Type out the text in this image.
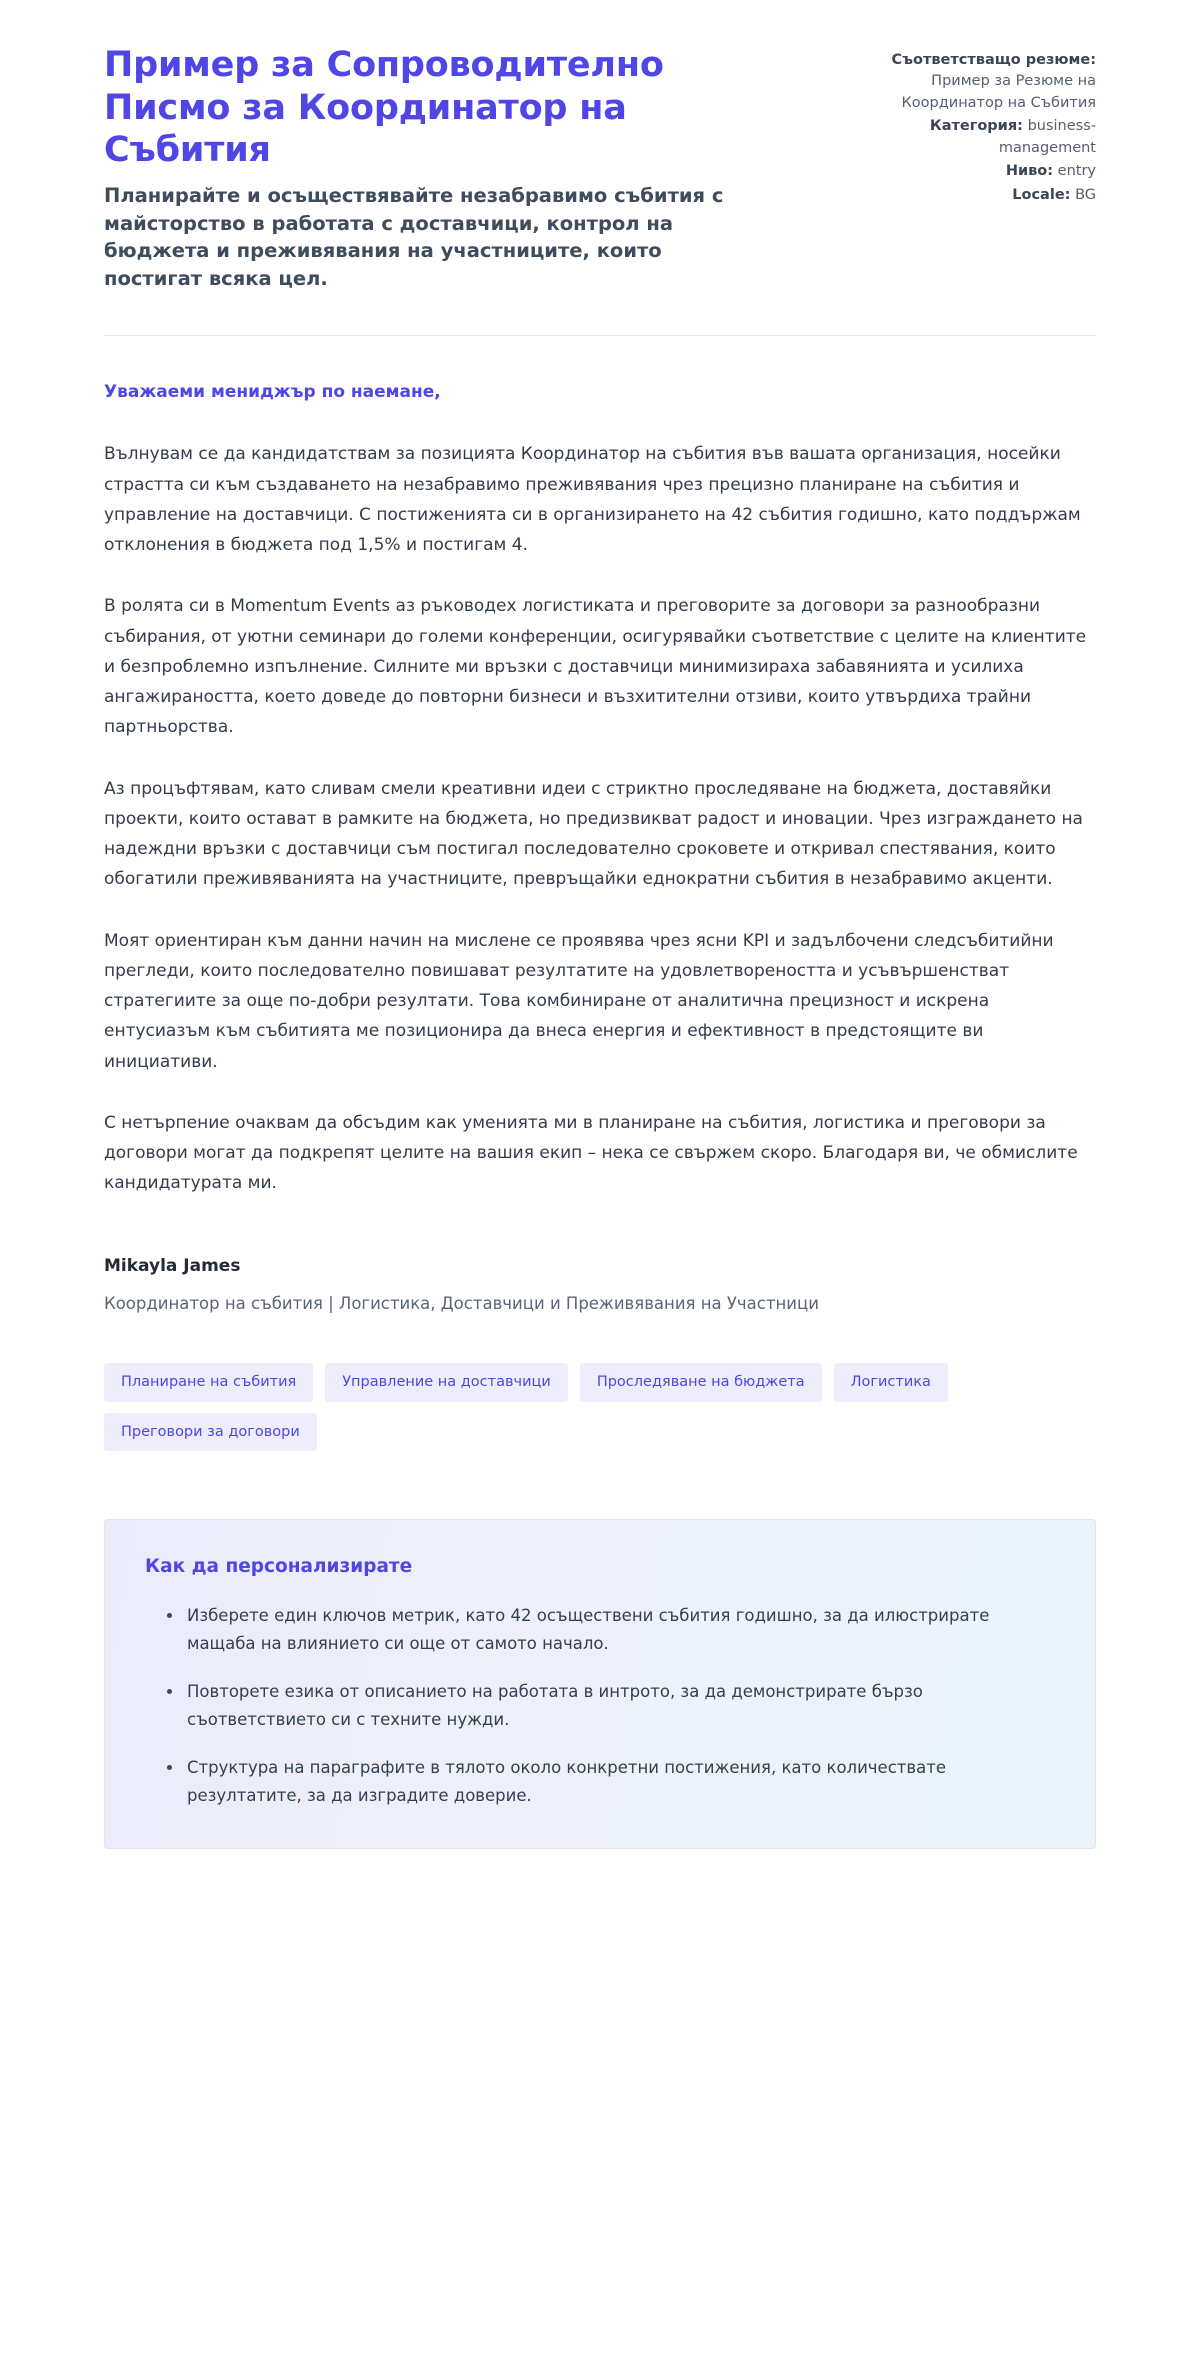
Пример за Сопроводително Писмо за Координатор на Събития

Планирайте и осъществявайте незабравимо събития с майсторство в работата с доставчици, контрол на бюджета и преживявания на участниците, които постигат всяка цел.

Съответстващо резюме: Пример за Резюме на Координатор на Събития
Категория: business-management
Ниво: entry
Locale: BG

Уважаеми мениджър по наемане,

Вълнувам се да кандидатствам за позицията Координатор на събития във вашата организация, носейки страстта си към създаването на незабравимо преживявания чрез прецизно планиране на събития и управление на доставчици. С постиженията си в организирането на 42 събития годишно, като поддържам отклонения в бюджета под 1,5% и постигам 4.

В ролята си в Momentum Events аз ръководех логистиката и преговорите за договори за разнообразни събирания, от уютни семинари до големи конференции, осигурявайки съответствие с целите на клиентите и безпроблемно изпълнение. Силните ми връзки с доставчици минимизираха забавянията и усилиха ангажираността, което доведе до повторни бизнеси и възхитителни отзиви, които утвърдиха трайни партньорства.

Аз процъфтявам, като сливам смели креативни идеи с стриктно проследяване на бюджета, доставяйки проекти, които остават в рамките на бюджета, но предизвикват радост и иновации. Чрез изграждането на надеждни връзки с доставчици съм постигал последователно сроковете и откривал спестявания, които обогатили преживяванията на участниците, превръщайки еднократни събития в незабравимо акценти.

Моят ориентиран към данни начин на мислене се проявява чрез ясни KPI и задълбочени следсъбитийни прегледи, които последователно повишават резултатите на удовлетвореността и усъвършенстват стратегиите за още по-добри резултати. Това комбиниране от аналитична прецизност и искрена ентусиазъм към събитията ме позиционира да внеса енергия и ефективност в предстоящите ви инициативи.

С нетърпение очаквам да обсъдим как уменията ми в планиране на събития, логистика и преговори за договори могат да подкрепят целите на вашия екип – нека се свържем скоро. Благодаря ви, че обмислите кандидатурата ми.

Mikayla James

Координатор на събития | Логистика, Доставчици и Преживявания на Участници

Планиране на събития	Управление на доставчици	Проследяване на бюджета	Логистика
Преговори за договори
Как да персонализирате
Изберете един ключов метрик, като 42 осъществени събития годишно, за да илюстрирате мащаба на влиянието си още от самото начало.
Повторете езика от описанието на работата в интрото, за да демонстрирате бързо съответствието си с техните нужди.
Структура на параграфите в тялото около конкретни постижения, като количествате резултатите, за да изградите доверие.
